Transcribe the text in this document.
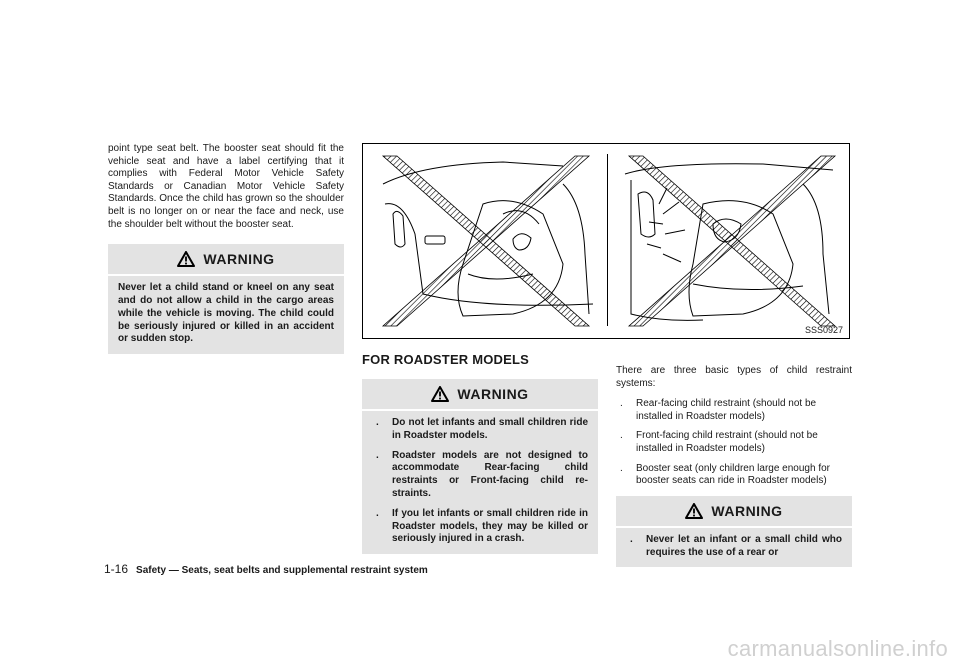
point type seat belt. The booster seat should fit the vehicle seat and have a label certifying that it complies with Federal Motor Vehicle Safety Standards or Canadian Motor Vehicle Safety Standards. Once the child has grown so the shoulder belt is no longer on or near the face and neck, use the shoulder belt without the booster seat.

WARNING
Never let a child stand or kneel on any seat and do not allow a child in the cargo areas while the vehicle is moving. The child could be seriously injured or killed in an accident or sudden stop.
SSS0927
FOR ROADSTER MODELS
WARNING
. Do not let infants and small children ride in Roadster models.
. Roadster models are not designed to accommodate Rear-facing child restraints or Front-facing child re-straints.
. If you let infants or small children ride in Roadster models, they may be killed or seriously injured in a crash.

There are three basic types of child restraint systems:

. Rear-facing child restraint (should not be installed in Roadster models)
. Front-facing child restraint (should not be installed in Roadster models)
. Booster seat (only children large enough for booster seats can ride in Roadster models)
WARNING
. Never let an infant or a small child who requires the use of a rear or
1-16 Safety — Seats, seat belts and supplemental restraint system
carmanualsonline.info
